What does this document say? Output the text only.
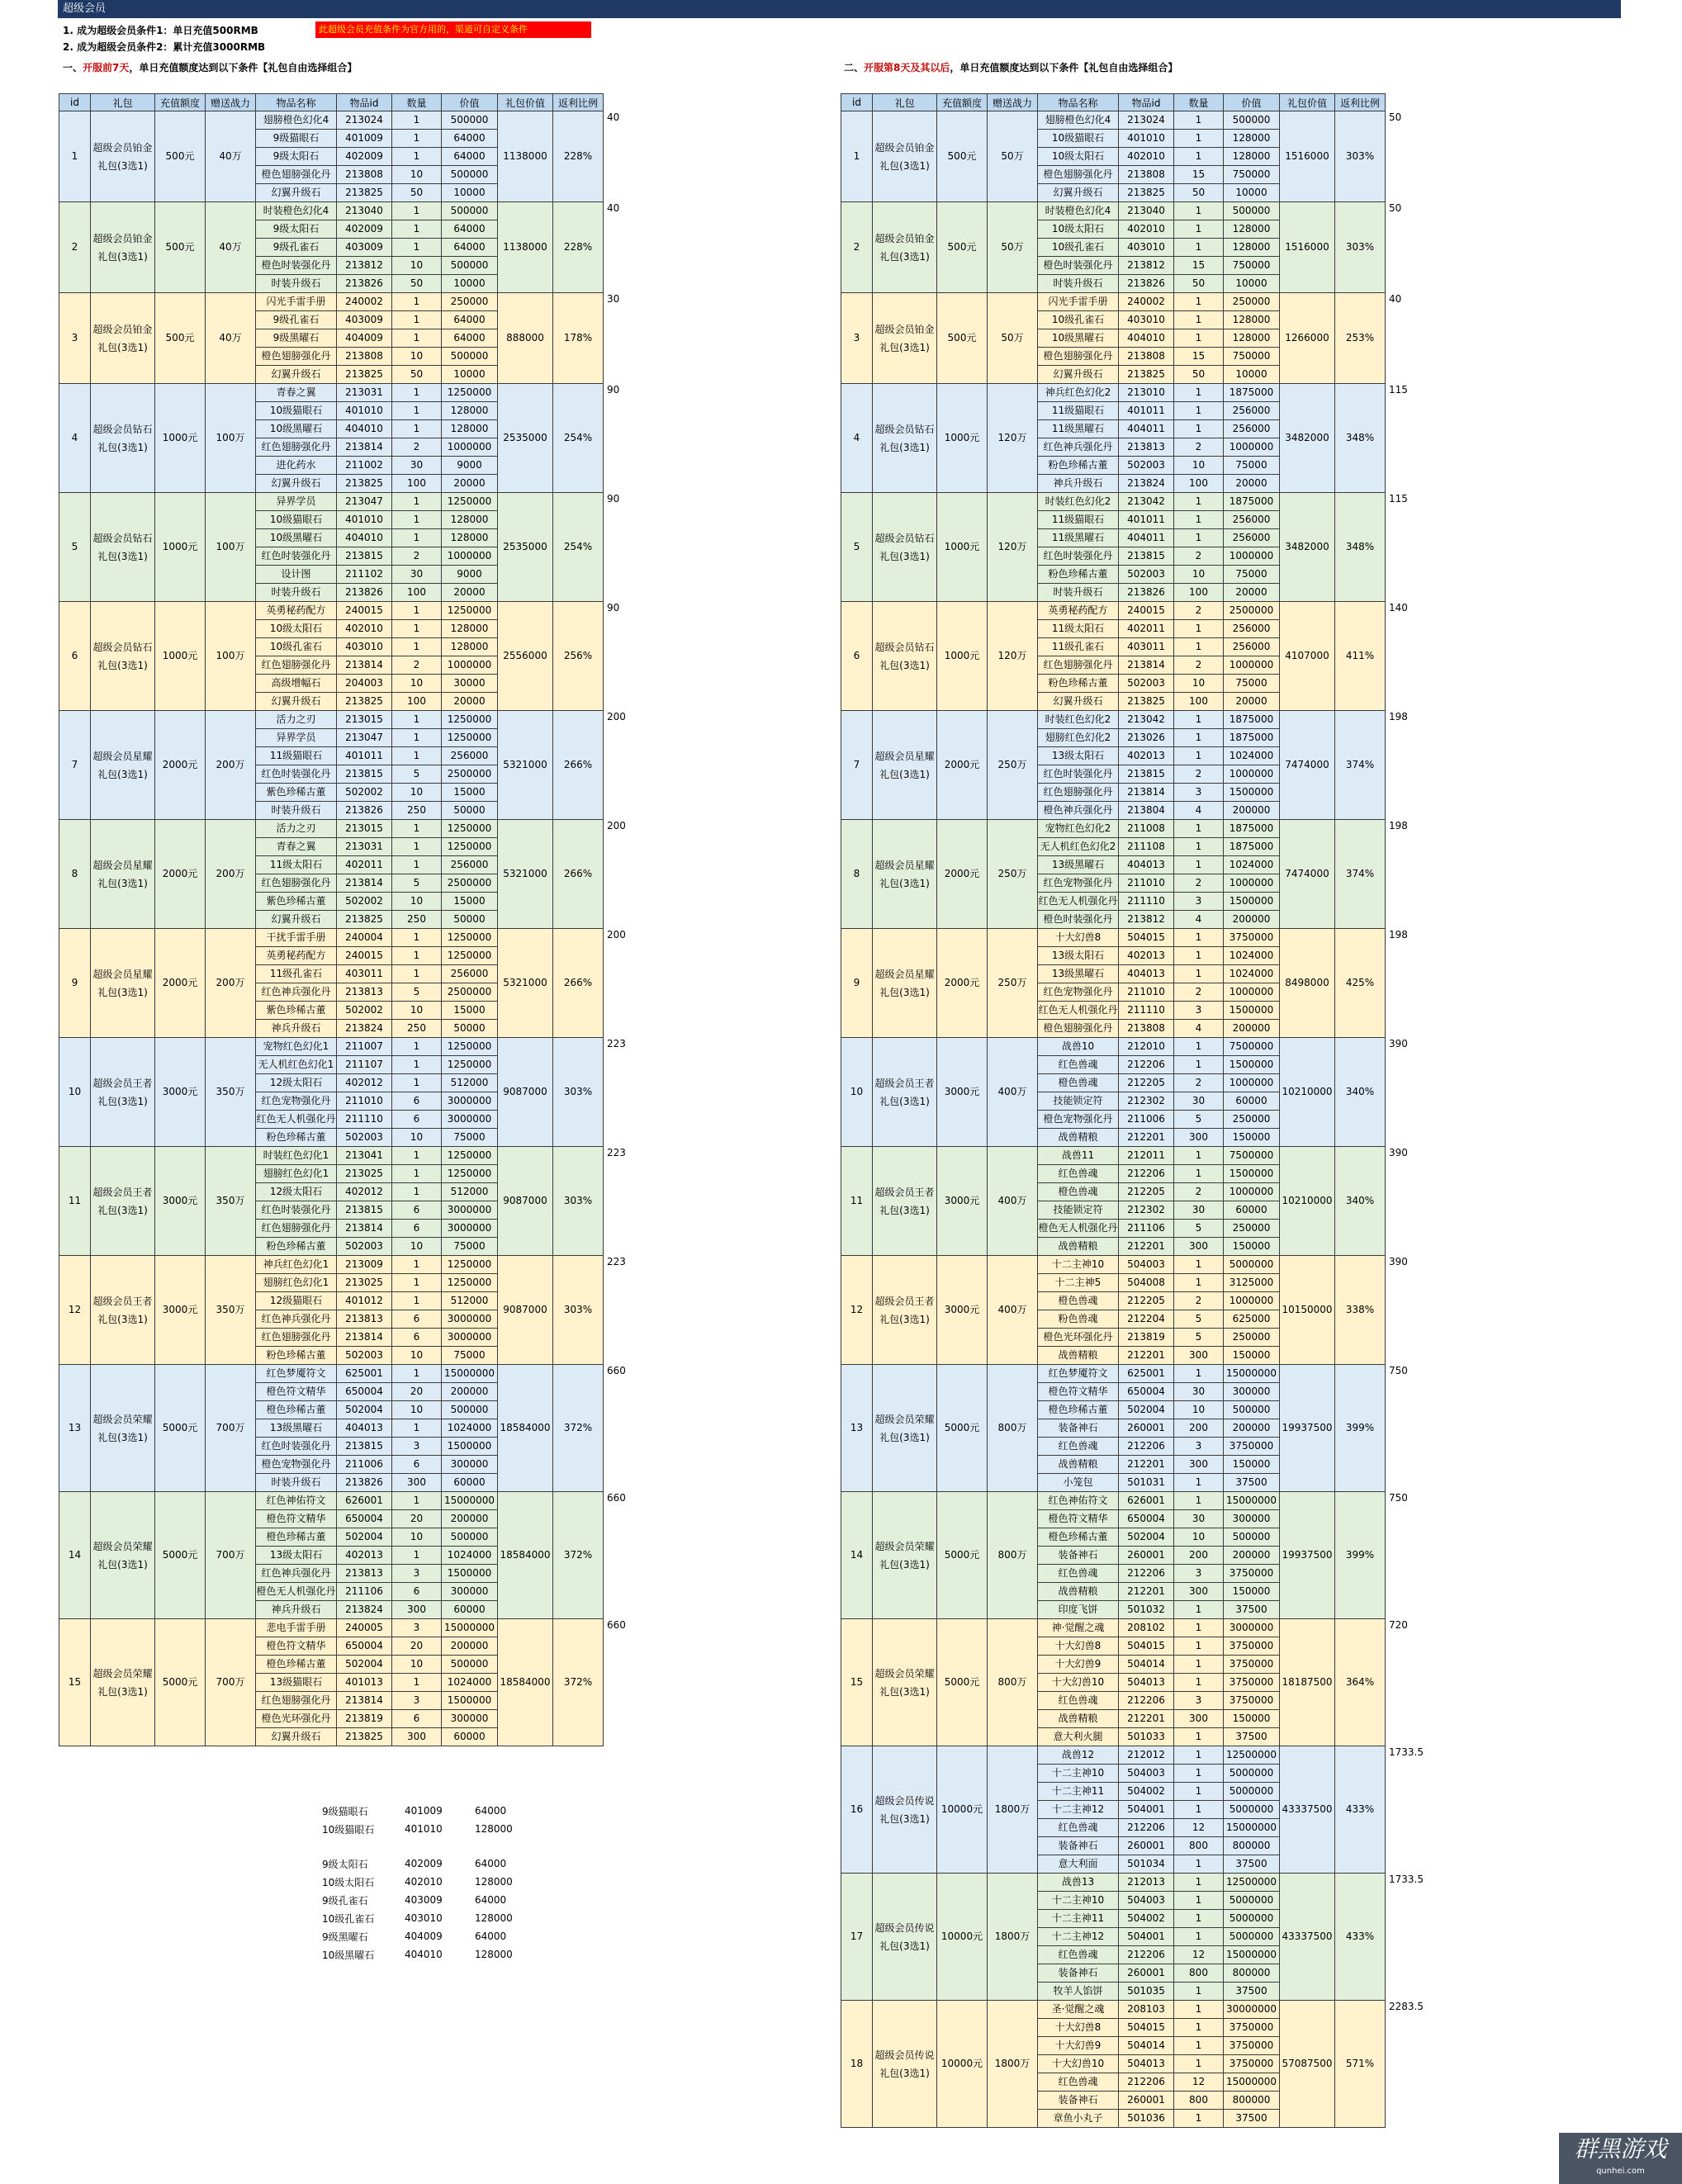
超级会员
1. 成为超级会员条件1：单日充值500RMB
2. 成为超级会员条件2：累计充值3000RMB
此超级会员充值条件为官方用的，渠道可自定义条件
一、开服前7天，单日充值额度达到以下条件【礼包自由选择组合】	二、开服第8天及其以后，单日充值额度达到以下条件【礼包自由选择组合】
id	礼包	充值额度	赠送战力	物品名称	物品id	数量	价值	礼包价值	返利比例	
1	超级会员铂金礼包(3选1)	500元	40万	翅膀橙色幻化4	213024	1	500000	1138000	228%	40
				9级猫眼石	401009	1	64000			
				9级太阳石	402009	1	64000			
				橙色翅膀强化丹	213808	10	500000			
				幻翼升级石	213825	50	10000			
2	超级会员铂金礼包(3选1)	500元	40万	时装橙色幻化4	213040	1	500000	1138000	228%	40
				9级太阳石	402009	1	64000			
				9级孔雀石	403009	1	64000			
				橙色时装强化丹	213812	10	500000			
				时装升级石	213826	50	10000			
3	超级会员铂金礼包(3选1)	500元	40万	闪光手雷手册	240002	1	250000	888000	178%	30
				9级孔雀石	403009	1	64000			
				9级黑曜石	404009	1	64000			
				橙色翅膀强化丹	213808	10	500000			
				幻翼升级石	213825	50	10000			
4	超级会员钻石礼包(3选1)	1000元	100万	青春之翼	213031	1	1250000	2535000	254%	90
				10级猫眼石	401010	1	128000			
				10级黑曜石	404010	1	128000			
				红色翅膀强化丹	213814	2	1000000			
				进化药水	211002	30	9000			
				幻翼升级石	213825	100	20000			
5	超级会员钻石礼包(3选1)	1000元	100万	异界学员	213047	1	1250000	2535000	254%	90
				10级猫眼石	401010	1	128000			
				10级黑曜石	404010	1	128000			
				红色时装强化丹	213815	2	1000000			
				设计图	211102	30	9000			
				时装升级石	213826	100	20000			
6	超级会员钻石礼包(3选1)	1000元	100万	英勇秘药配方	240015	1	1250000	2556000	256%	90
				10级太阳石	402010	1	128000			
				10级孔雀石	403010	1	128000			
				红色翅膀强化丹	213814	2	1000000			
				高级增幅石	204003	10	30000			
				幻翼升级石	213825	100	20000			
7	超级会员星耀礼包(3选1)	2000元	200万	活力之刃	213015	1	1250000	5321000	266%	200
				异界学员	213047	1	1250000			
				11级猫眼石	401011	1	256000			
				红色时装强化丹	213815	5	2500000			
				紫色珍稀古董	502002	10	15000			
				时装升级石	213826	250	50000			
8	超级会员星耀礼包(3选1)	2000元	200万	活力之刃	213015	1	1250000	5321000	266%	200
				青春之翼	213031	1	1250000			
				11级太阳石	402011	1	256000			
				红色翅膀强化丹	213814	5	2500000			
				紫色珍稀古董	502002	10	15000			
				幻翼升级石	213825	250	50000			
9	超级会员星耀礼包(3选1)	2000元	200万	干扰手雷手册	240004	1	1250000	5321000	266%	200
				英勇秘药配方	240015	1	1250000			
				11级孔雀石	403011	1	256000			
				红色神兵强化丹	213813	5	2500000			
				紫色珍稀古董	502002	10	15000			
				神兵升级石	213824	250	50000			
10	超级会员王者礼包(3选1)	3000元	350万	宠物红色幻化1	211007	1	1250000	9087000	303%	223
				无人机红色幻化1	211107	1	1250000			
				12级太阳石	402012	1	512000			
				红色宠物强化丹	211010	6	3000000			
				红色无人机强化丹	211110	6	3000000			
				粉色珍稀古董	502003	10	75000			
11	超级会员王者礼包(3选1)	3000元	350万	时装红色幻化1	213041	1	1250000	9087000	303%	223
				翅膀红色幻化1	213025	1	1250000			
				12级太阳石	402012	1	512000			
				红色时装强化丹	213815	6	3000000			
				红色翅膀强化丹	213814	6	3000000			
				粉色珍稀古董	502003	10	75000			
12	超级会员王者礼包(3选1)	3000元	350万	神兵红色幻化1	213009	1	1250000	9087000	303%	223
				翅膀红色幻化1	213025	1	1250000			
				12级猫眼石	401012	1	512000			
				红色神兵强化丹	213813	6	3000000			
				红色翅膀强化丹	213814	6	3000000			
				粉色珍稀古董	502003	10	75000			
13	超级会员荣耀礼包(3选1)	5000元	700万	红色梦魇符文	625001	1	15000000	18584000	372%	660
				橙色符文精华	650004	20	200000			
				橙色珍稀古董	502004	10	500000			
				13级黑曜石	404013	1	1024000			
				红色时装强化丹	213815	3	1500000			
				橙色宠物强化丹	211006	6	300000			
				时装升级石	213826	300	60000			
14	超级会员荣耀礼包(3选1)	5000元	700万	红色神佑符文	626001	1	15000000	18584000	372%	660
				橙色符文精华	650004	20	200000			
				橙色珍稀古董	502004	10	500000			
				13级太阳石	402013	1	1024000			
				红色神兵强化丹	213813	3	1500000			
				橙色无人机强化丹	211106	6	300000			
				神兵升级石	213824	300	60000			
15	超级会员荣耀礼包(3选1)	5000元	700万	悲电手雷手册	240005	3	15000000	18584000	372%	660
				橙色符文精华	650004	20	200000			
				橙色珍稀古董	502004	10	500000			
				13级猫眼石	401013	1	1024000			
				红色翅膀强化丹	213814	3	1500000			
				橙色光环强化丹	213819	6	300000			
				幻翼升级石	213825	300	60000			
id	礼包	充值额度	赠送战力	物品名称	物品id	数量	价值	礼包价值	返利比例	
1	超级会员铂金礼包(3选1)	500元	50万	翅膀橙色幻化4	213024	1	500000	1516000	303%	50
				10级猫眼石	401010	1	128000			
				10级太阳石	402010	1	128000			
				橙色翅膀强化丹	213808	15	750000			
				幻翼升级石	213825	50	10000			
2	超级会员铂金礼包(3选1)	500元	50万	时装橙色幻化4	213040	1	500000	1516000	303%	50
				10级太阳石	402010	1	128000			
				10级孔雀石	403010	1	128000			
				橙色时装强化丹	213812	15	750000			
				时装升级石	213826	50	10000			
3	超级会员铂金礼包(3选1)	500元	50万	闪光手雷手册	240002	1	250000	1266000	253%	40
				10级孔雀石	403010	1	128000			
				10级黑曜石	404010	1	128000			
				橙色翅膀强化丹	213808	15	750000			
				幻翼升级石	213825	50	10000			
4	超级会员钻石礼包(3选1)	1000元	120万	神兵红色幻化2	213010	1	1875000	3482000	348%	115
				11级猫眼石	401011	1	256000			
				11级黑曜石	404011	1	256000			
				红色神兵强化丹	213813	2	1000000			
				粉色珍稀古董	502003	10	75000			
				神兵升级石	213824	100	20000			
5	超级会员钻石礼包(3选1)	1000元	120万	时装红色幻化2	213042	1	1875000	3482000	348%	115
				11级猫眼石	401011	1	256000			
				11级黑曜石	404011	1	256000			
				红色时装强化丹	213815	2	1000000			
				粉色珍稀古董	502003	10	75000			
				时装升级石	213826	100	20000			
6	超级会员钻石礼包(3选1)	1000元	120万	英勇秘药配方	240015	2	2500000	4107000	411%	140
				11级太阳石	402011	1	256000			
				11级孔雀石	403011	1	256000			
				红色翅膀强化丹	213814	2	1000000			
				粉色珍稀古董	502003	10	75000			
				幻翼升级石	213825	100	20000			
7	超级会员星耀礼包(3选1)	2000元	250万	时装红色幻化2	213042	1	1875000	7474000	374%	198
				翅膀红色幻化2	213026	1	1875000			
				13级太阳石	402013	1	1024000			
				红色时装强化丹	213815	2	1000000			
				红色翅膀强化丹	213814	3	1500000			
				橙色神兵强化丹	213804	4	200000			
8	超级会员星耀礼包(3选1)	2000元	250万	宠物红色幻化2	211008	1	1875000	7474000	374%	198
				无人机红色幻化2	211108	1	1875000			
				13级黑曜石	404013	1	1024000			
				红色宠物强化丹	211010	2	1000000			
				红色无人机强化丹	211110	3	1500000			
				橙色时装强化丹	213812	4	200000			
9	超级会员星耀礼包(3选1)	2000元	250万	十大幻兽8	504015	1	3750000	8498000	425%	198
				13级太阳石	402013	1	1024000			
				13级黑曜石	404013	1	1024000			
				红色宠物强化丹	211010	2	1000000			
				红色无人机强化丹	211110	3	1500000			
				橙色翅膀强化丹	213808	4	200000			
10	超级会员王者礼包(3选1)	3000元	400万	战兽10	212010	1	7500000	10210000	340%	390
				红色兽魂	212206	1	1500000			
				橙色兽魂	212205	2	1000000			
				技能锁定符	212302	30	60000			
				橙色宠物强化丹	211006	5	250000			
				战兽精粮	212201	300	150000			
11	超级会员王者礼包(3选1)	3000元	400万	战兽11	212011	1	7500000	10210000	340%	390
				红色兽魂	212206	1	1500000			
				橙色兽魂	212205	2	1000000			
				技能锁定符	212302	30	60000			
				橙色无人机强化丹	211106	5	250000			
				战兽精粮	212201	300	150000			
12	超级会员王者礼包(3选1)	3000元	400万	十二主神10	504003	1	5000000	10150000	338%	390
				十二主神5	504008	1	3125000			
				橙色兽魂	212205	2	1000000			
				粉色兽魂	212204	5	625000			
				橙色光环强化丹	213819	5	250000			
				战兽精粮	212201	300	150000			
13	超级会员荣耀礼包(3选1)	5000元	800万	红色梦魇符文	625001	1	15000000	19937500	399%	750
				橙色符文精华	650004	30	300000			
				橙色珍稀古董	502004	10	500000			
				装备神石	260001	200	200000			
				红色兽魂	212206	3	3750000			
				战兽精粮	212201	300	150000			
				小笼包	501031	1	37500			
14	超级会员荣耀礼包(3选1)	5000元	800万	红色神佑符文	626001	1	15000000	19937500	399%	750
				橙色符文精华	650004	30	300000			
				橙色珍稀古董	502004	10	500000			
				装备神石	260001	200	200000			
				红色兽魂	212206	3	3750000			
				战兽精粮	212201	300	150000			
				印度飞饼	501032	1	37500			
15	超级会员荣耀礼包(3选1)	5000元	800万	神·觉醒之魂	208102	1	3000000	18187500	364%	720
				十大幻兽8	504015	1	3750000			
				十大幻兽9	504014	1	3750000			
				十大幻兽10	504013	1	3750000			
				红色兽魂	212206	3	3750000			
				战兽精粮	212201	300	150000			
				意大利火腿	501033	1	37500			
16	超级会员传说礼包(3选1)	10000元	1800万	战兽12	212012	1	12500000	43337500	433%	1733.5
				十二主神10	504003	1	5000000			
				十二主神11	504002	1	5000000			
				十二主神12	504001	1	5000000			
				红色兽魂	212206	12	15000000			
				装备神石	260001	800	800000			
				意大利面	501034	1	37500			
17	超级会员传说礼包(3选1)	10000元	1800万	战兽13	212013	1	12500000	43337500	433%	1733.5
				十二主神10	504003	1	5000000			
				十二主神11	504002	1	5000000			
				十二主神12	504001	1	5000000			
				红色兽魂	212206	12	15000000			
				装备神石	260001	800	800000			
				牧羊人馅饼	501035	1	37500			
18	超级会员传说礼包(3选1)	10000元	1800万	圣·觉醒之魂	208103	1	30000000	57087500	571%	2283.5
				十大幻兽8	504015	1	3750000			
				十大幻兽9	504014	1	3750000			
				十大幻兽10	504013	1	3750000			
				红色兽魂	212206	12	15000000			
				装备神石	260001	800	800000			
				章鱼小丸子	501036	1	37500			
9级猫眼石	401009	64000
10级猫眼石	401010	128000

9级太阳石	402009	64000
10级太阳石	402010	128000
9级孔雀石	403009	64000
10级孔雀石	403010	128000
9级黑曜石	404009	64000
10级黑曜石	404010	128000
群黑游戏
qunhei.com
